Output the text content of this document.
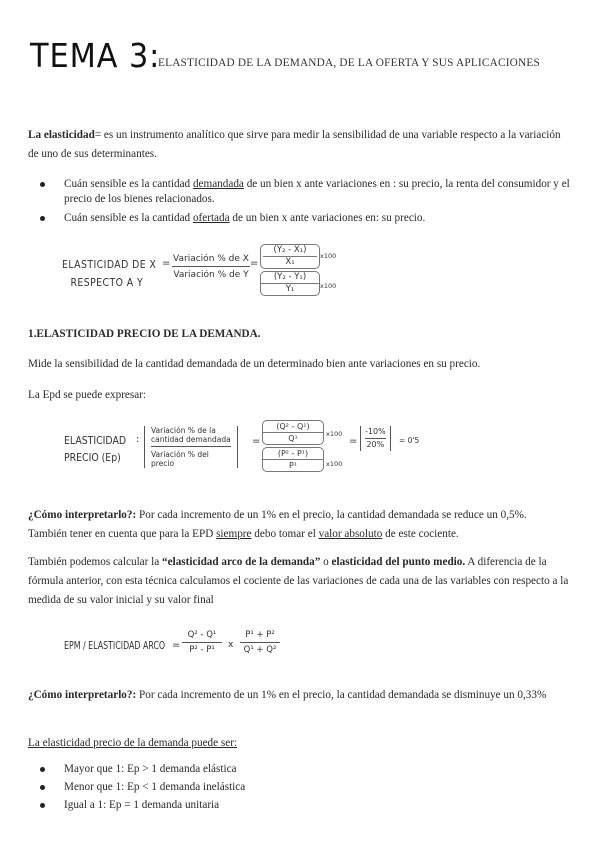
TEMA 3:
ELASTICIDAD DE LA DEMANDA, DE LA OFERTA Y SUS APLICACIONES
La elasticidad= es un instrumento analítico que sirve para medir la sensibilidad de una variable respecto a la variación de uno de sus determinantes.
Cuán sensible es la cantidad demandada de un bien x ante variaciones en : su precio, la renta del consumidor y el precio de los bienes relacionados.
Cuán sensible es la cantidad ofertada de un bien x ante variaciones en: su precio.
ELASTICIDAD DE X
RESPECTO A Y
= Variación % de X
Variación % de Y
=
(Y₂ - X₁)
X₁
(Y₂ - Y₁)
Y₁
x100
x100
1.ELASTICIDAD PRECIO DE LA DEMANDA.
Mide la sensibilidad de la cantidad demandada de un determinado bien ante variaciones en su precio.
La Epd se puede expresar:
ELASTICIDAD
PRECIO (Ep)
:
Variación % de la cantidad demandada
Variación % del precio
=
(Q² - Q¹)
Q¹
(P² - P¹)
P¹
x100
x100
=
-10%
20% = 0'5
¿Cómo interpretarlo?: Por cada incremento de un 1% en el precio, la cantidad demandada se reduce un 0,5%.
También tener en cuenta que para la EPD siempre debo tomar el valor absoluto de este cociente.
También podemos calcular la “elasticidad arco de la demanda” o elasticidad del punto medio. A diferencia de la fórmula anterior, con esta técnica calculamos el cociente de las variaciones de cada una de las variables con respecto a la medida de su valor inicial y su valor final
EPM / ELASTICIDAD ARCO =
Q² - Q¹
P² - P¹	x
P¹ + P²
Q¹ + Q²
¿Cómo interpretarlo?: Por cada incremento de un 1% en el precio, la cantidad demandada se disminuye un 0,33%
La elasticidad precio de la demanda puede ser:
Mayor que 1: Ep > 1 demanda elástica
Menor que 1: Ep < 1 demanda inelástica
Igual a 1: Ep = 1 demanda unitaria
